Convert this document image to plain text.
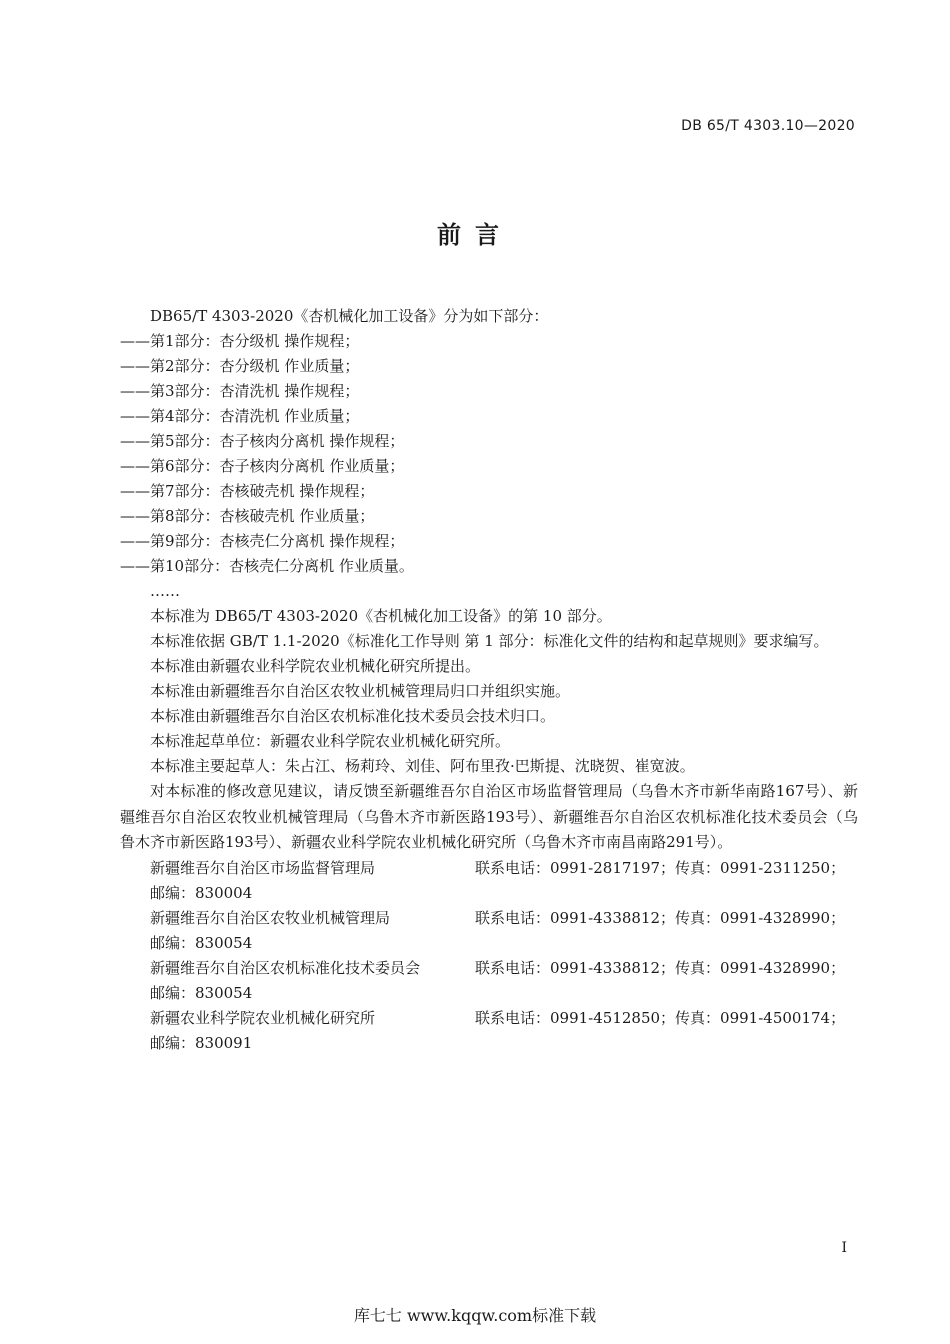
DB 65/T 4303.10—2020
前言
DB65/T 4303-2020《杏机械化加工设备》分为如下部分：
——第1部分：杏分级机 操作规程；
——第2部分：杏分级机 作业质量；
——第3部分：杏清洗机 操作规程；
——第4部分：杏清洗机 作业质量；
——第5部分：杏子核肉分离机 操作规程；
——第6部分：杏子核肉分离机 作业质量；
——第7部分：杏核破壳机 操作规程；
——第8部分：杏核破壳机 作业质量；
——第9部分：杏核壳仁分离机 操作规程；
——第10部分：杏核壳仁分离机 作业质量。
……
本标准为 DB65/T 4303-2020《杏机械化加工设备》的第 10 部分。
本标准依据 GB/T 1.1-2020《标准化工作导则 第 1 部分：标准化文件的结构和起草规则》要求编写。
本标准由新疆农业科学院农业机械化研究所提出。
本标准由新疆维吾尔自治区农牧业机械管理局归口并组织实施。
本标准由新疆维吾尔自治区农机标准化技术委员会技术归口。
本标准起草单位：新疆农业科学院农业机械化研究所。
本标准主要起草人：朱占江、杨莉玲、刘佳、阿布里孜·巴斯提、沈晓贺、崔宽波。

对本标准的修改意见建议，请反馈至新疆维吾尔自治区市场监督管理局（乌鲁木齐市新华南路167号）、新疆维吾尔自治区农牧业机械管理局（乌鲁木齐市新医路193号）、新疆维吾尔自治区农机标准化技术委员会（乌鲁木齐市新医路193号）、新疆农业科学院农业机械化研究所（乌鲁木齐市南昌南路291号）。

新疆维吾尔自治区市场监督管理局	联系电话：0991-2817197；传真：0991-2311250；
邮编：830004
新疆维吾尔自治区农牧业机械管理局	联系电话：0991-4338812；传真：0991-4328990；
邮编：830054
新疆维吾尔自治区农机标准化技术委员会	联系电话：0991-4338812；传真：0991-4328990；
邮编：830054
新疆农业科学院农业机械化研究所	联系电话：0991-4512850；传真：0991-4500174；
邮编：830091
I
库七七 www.kqqw.com标准下载
